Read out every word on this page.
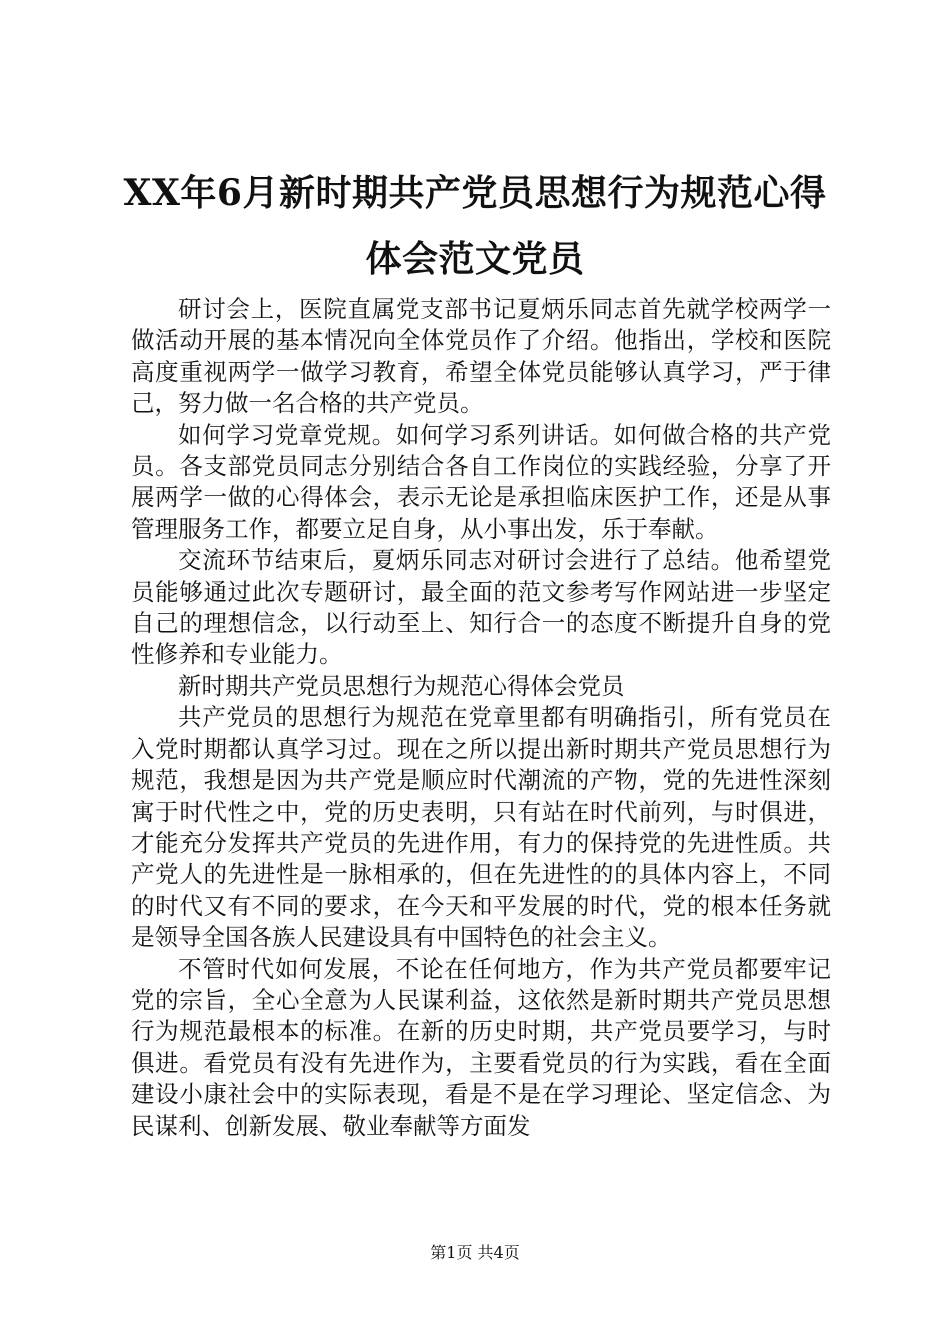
XX年6月新时期共产党员思想行为规范心得体会范文党员

研讨会上，医院直属党支部书记夏炳乐同志首先就学校两学一做活动开展的基本情况向全体党员作了介绍。他指出，学校和医院高度重视两学一做学习教育，希望全体党员能够认真学习，严于律己，努力做一名合格的共产党员。

如何学习党章党规。如何学习系列讲话。如何做合格的共产党员。各支部党员同志分别结合各自工作岗位的实践经验，分享了开展两学一做的心得体会，表示无论是承担临床医护工作，还是从事管理服务工作，都要立足自身，从小事出发，乐于奉献。

交流环节结束后，夏炳乐同志对研讨会进行了总结。他希望党员能够通过此次专题研讨，最全面的范文参考写作网站进一步坚定自己的理想信念，以行动至上、知行合一的态度不断提升自身的党性修养和专业能力。

新时期共产党员思想行为规范心得体会党员

共产党员的思想行为规范在党章里都有明确指引，所有党员在入党时期都认真学习过。现在之所以提出新时期共产党员思想行为规范，我想是因为共产党是顺应时代潮流的产物，党的先进性深刻寓于时代性之中，党的历史表明，只有站在时代前列，与时俱进，才能充分发挥共产党员的先进作用，有力的保持党的先进性质。共产党人的先进性是一脉相承的，但在先进性的的具体内容上，不同的时代又有不同的要求，在今天和平发展的时代，党的根本任务就是领导全国各族人民建设具有中国特色的社会主义。

不管时代如何发展，不论在任何地方，作为共产党员都要牢记党的宗旨，全心全意为人民谋利益，这依然是新时期共产党员思想行为规范最根本的标准。在新的历史时期，共产党员要学习，与时俱进。看党员有没有先进作为，主要看党员的行为实践，看在全面建设小康社会中的实际表现，看是不是在学习理论、坚定信念、为民谋利、创新发展、敬业奉献等方面发

第1页 共4页
